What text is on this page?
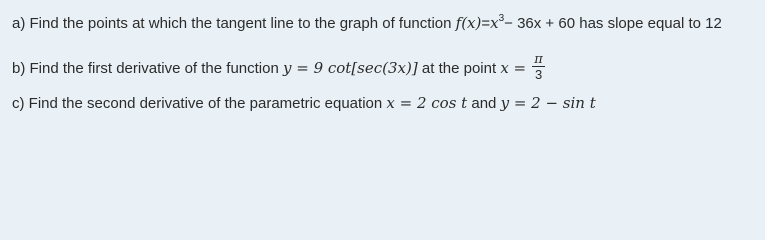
a) Find the points at which the tangent line to the graph of function $f(x)=x^3- 36x + 60$ has slope equal to 12
b) Find the first derivative of the function y = 9 cot[sec(3x)] at the point $x = \frac{\pi}{3}$
c) Find the second derivative of the parametric equation x = 2 cos t and y = 2 − sin t
